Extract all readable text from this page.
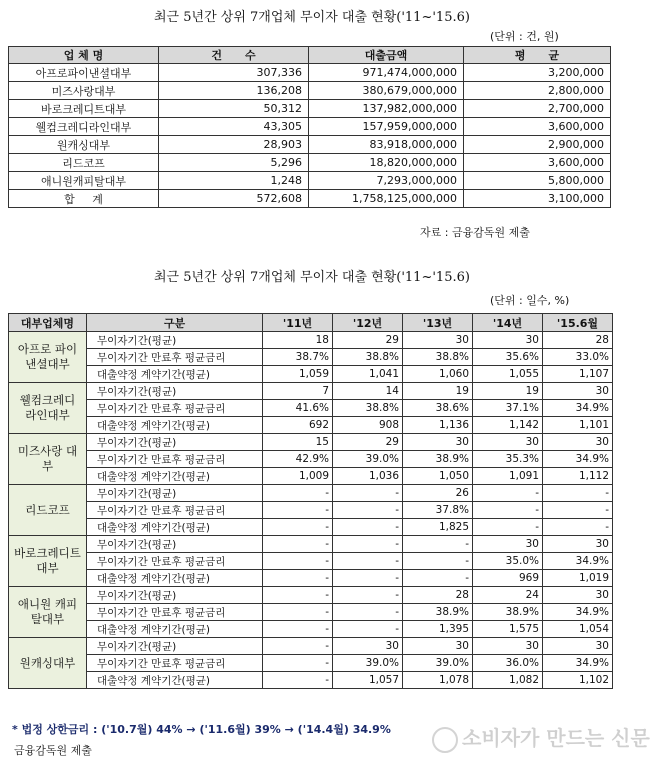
최근 5년간 상위 7개업체 무이자 대출 현황('11~'15.6)
(단위 : 건, 원)
업 체 명	건      수	대출금액	평      균
아프로파이낸셜대부	307,336	971,474,000,000	3,200,000
미즈사랑대부	136,208	380,679,000,000	2,800,000
바로크레디트대부	50,312	137,982,000,000	2,700,000
웰컴크레디라인대부	43,305	157,959,000,000	3,600,000
원캐싱대부	28,903	83,918,000,000	2,900,000
리드코프	5,296	18,820,000,000	3,600,000
애니원캐피탈대부	1,248	7,293,000,000	5,800,000
합     계	572,608	1,758,125,000,000	3,100,000
자료 : 금융감독원 제출
최근 5년간 상위 7개업체 무이자 대출 현황('11~'15.6)
(단위 : 일수, %)
대부업체명	구분	'11년	'12년	'13년	'14년	'15.6월
아프로 파이낸셜대부	무이자기간(평균)	18	29	30	30	28
	무이자기간 만료후 평균금리	38.7%	38.8%	38.8%	35.6%	33.0%
	대출약정 계약기간(평균)	1,059	1,041	1,060	1,055	1,107
웰컴크레디 라인대부	무이자기간(평균)	7	14	19	19	30
	무이자기간 만료후 평균금리	41.6%	38.8%	38.6%	37.1%	34.9%
	대출약정 계약기간(평균)	692	908	1,136	1,142	1,101
미즈사랑 대부	무이자기간(평균)	15	29	30	30	30
	무이자기간 만료후 평균금리	42.9%	39.0%	38.9%	35.3%	34.9%
	대출약정 계약기간(평균)	1,009	1,036	1,050	1,091	1,112
리드코프	무이자기간(평균)	-	-	26	-	-
	무이자기간 만료후 평균금리	-	-	37.8%	-	-
	대출약정 계약기간(평균)	-	-	1,825	-	-
바로크레디트 대부	무이자기간(평균)	-	-	-	30	30
	무이자기간 만료후 평균금리	-	-	-	35.0%	34.9%
	대출약정 계약기간(평균)	-	-	-	969	1,019
애니원 캐피탈대부	무이자기간(평균)	-	-	28	24	30
	무이자기간 만료후 평균금리	-	-	38.9%	38.9%	34.9%
	대출약정 계약기간(평균)	-	-	1,395	1,575	1,054
원캐싱대부	무이자기간(평균)	-	30	30	30	30
	무이자기간 만료후 평균금리	-	39.0%	39.0%	36.0%	34.9%
	대출약정 계약기간(평균)	-	1,057	1,078	1,082	1,102
* 법정 상한금리 : ('10.7월) 44% → ('11.6월) 39% → ('14.4월) 34.9%
금융감독원 제출
소비자가 만드는 신문
